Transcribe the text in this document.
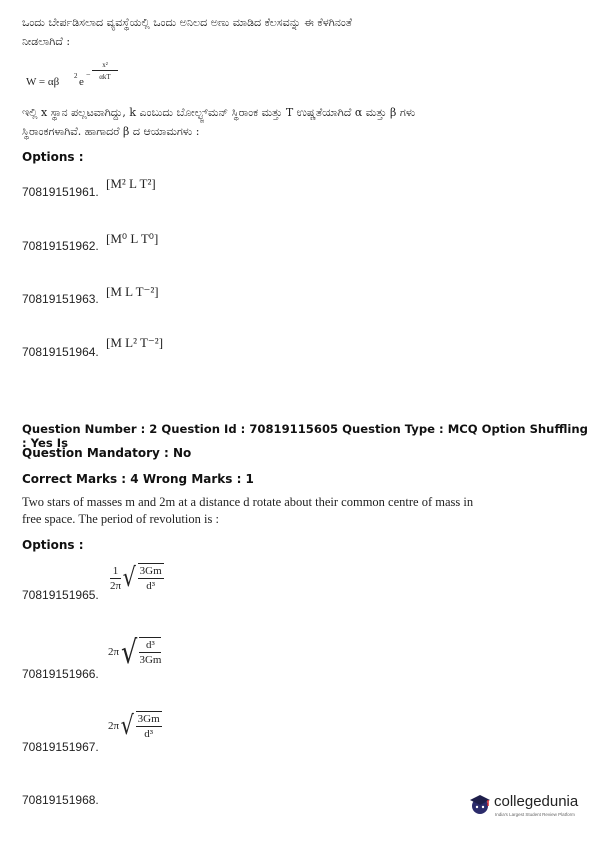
ಒಂದು ಬೇರ್ಪಡಿಸಲಾದ ವ್ಯವಸ್ಥೆಯಲ್ಲಿ ಒಂದು ಅನಿಲದ ಅಣು ಮಾಡಿದ ಕೆಲಸವನ್ನು ಈ ಕೆಳಗಿನಂತೆ
ನೀಡಲಾಗಿದೆ :
W = αβ 2 e
−
x²
αkT
ಇಲ್ಲಿ x ಸ್ಥಾನ ಪಲ್ಲಟವಾಗಿದ್ದು, k ಎಂಬುದು ಬೋಲ್ಟ್ಜ್‌ಮನ್ ಸ್ಥಿರಾಂಕ ಮತ್ತು T ಉಷ್ಣತೆಯಾಗಿದೆ α ಮತ್ತು β ಗಳು
ಸ್ಥಿರಾಂಕಗಳಾಗಿವೆ. ಹಾಗಾದರೆ β ದ ಆಯಾಮಗಳು :
Options :
70819151961.
[M² L T²]
70819151962. [M⁰ L T⁰]
70819151963. [M L T⁻²]
70819151964.
[M L² T⁻²]
Question Number : 2 Question Id : 70819115605 Question Type : MCQ Option Shuffling : Yes Is
Question Mandatory : No
Correct Marks : 4 Wrong Marks : 1
Two stars of masses m and 2m at a distance d rotate about their common centre of mass in
free space. The period of revolution is :
Options :
70819151965.
$\frac{1}{2\pi}$ √ $\frac{3Gm}{\text{d³}}$
70819151966.
$2\pi√ \frac{\text{d³}}{3Gm}$
70819151967.
$2\pi√ \frac{3Gm}{\text{d³}}$
70819151968.	collegedunia
India's Largest Student Review Platform
